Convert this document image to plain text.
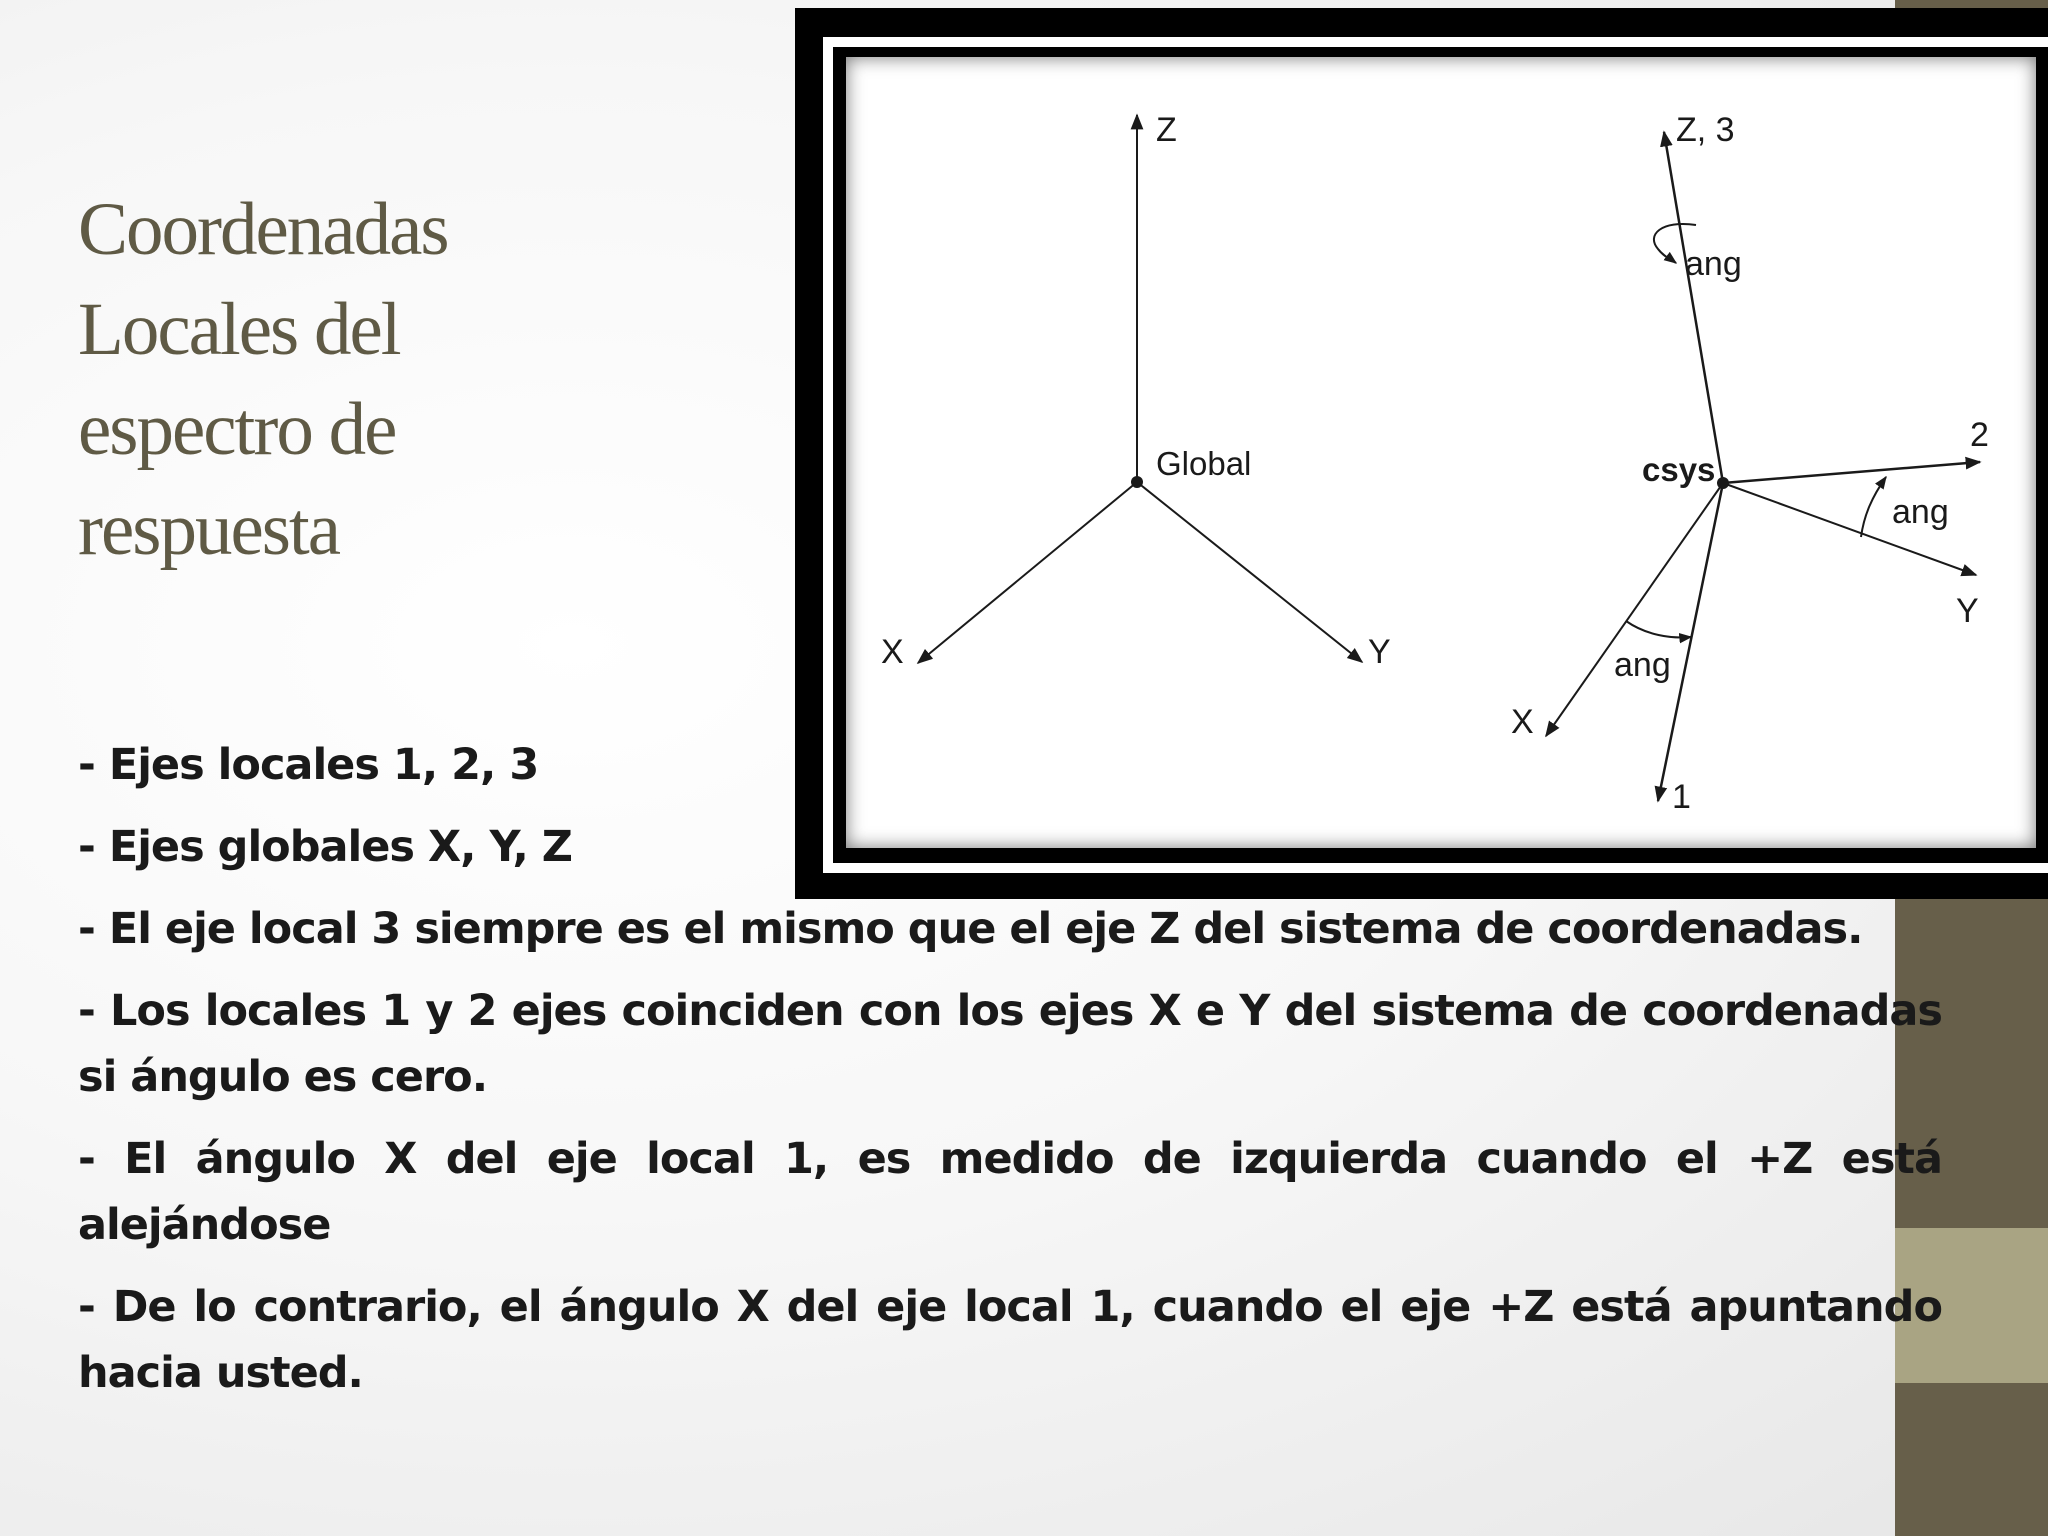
Z
Global
X	Y
Z, 3
ang
csys
2
ang
Y
ang
X
1
Coordenadas
Locales del
espectro de
respuesta
- Ejes locales 1, 2, 3
- Ejes globales X, Y, Z
- El eje local 3 siempre es el mismo que el eje Z del sistema de coordenadas.
- Los locales 1 y 2 ejes coinciden con los ejes X e Y del sistema de coordenadas si ángulo es cero.
- El ángulo X del eje local 1, es medido de izquierda cuando el +Z está alejándose
- De lo contrario, el ángulo X del eje local 1, cuando el eje +Z está apuntando hacia usted.
